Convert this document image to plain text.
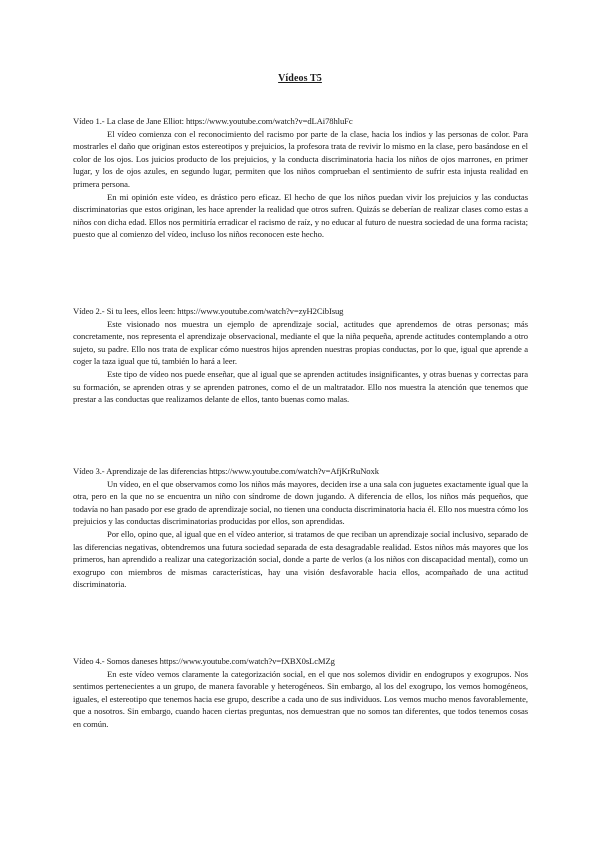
Vídeos T5

Vídeo 1.- La clase de Jane Elliot: https://www.youtube.com/watch?v=dLAi78hluFc

El vídeo comienza con el reconocimiento del racismo por parte de la clase, hacia los indios y las personas de color. Para mostrarles el daño que originan estos estereotipos y prejuicios, la profesora trata de revivir lo mismo en la clase, pero basándose en el color de los ojos. Los juicios producto de los prejuicios, y la conducta discriminatoria hacia los niños de ojos marrones, en primer lugar, y los de ojos azules, en segundo lugar, permiten que los niños comprueban el sentimiento de sufrir esta injusta realidad en primera persona.

En mi opinión este vídeo, es drástico pero eficaz. El hecho de que los niños puedan vivir los prejuicios y las conductas discriminatorias que estos originan, les hace aprender la realidad que otros sufren. Quizás se deberían de realizar clases como estas a niños con dicha edad. Ellos nos permitiría erradicar el racismo de raíz, y no educar al futuro de nuestra sociedad de una forma racista; puesto que al comienzo del vídeo, incluso los niños reconocen este hecho.

Vídeo 2.- Si tu lees, ellos leen: https://www.youtube.com/watch?v=zyH2CibIsug

Este visionado nos muestra un ejemplo de aprendizaje social, actitudes que aprendemos de otras personas; más concretamente, nos representa el aprendizaje observacional, mediante el que la niña pequeña, aprende actitudes contemplando a otro sujeto, su padre. Ello nos trata de explicar cómo nuestros hijos aprenden nuestras propias conductas, por lo que, igual que aprende a coger la taza igual que tú, también lo hará a leer.

Este tipo de vídeo nos puede enseñar, que al igual que se aprenden actitudes insignificantes, y otras buenas y correctas para su formación, se aprenden otras y se aprenden patrones, como el de un maltratador. Ello nos muestra la atención que tenemos que prestar a las conductas que realizamos delante de ellos, tanto buenas como malas.

Vídeo 3.- Aprendizaje de las diferencias https://www.youtube.com/watch?v=AfjKrRuNoxk

Un vídeo, en el que observamos como los niños más mayores, deciden irse a una sala con juguetes exactamente igual que la otra, pero en la que no se encuentra un niño con síndrome de down jugando. A diferencia de ellos, los niños más pequeños, que todavía no han pasado por ese grado de aprendizaje social, no tienen una conducta discriminatoria hacia él. Ello nos muestra cómo los prejuicios y las conductas discriminatorias producidas por ellos, son aprendidas.

Por ello, opino que, al igual que en el vídeo anterior, si tratamos de que reciban un aprendizaje social inclusivo, separado de las diferencias negativas, obtendremos una futura sociedad separada de esta desagradable realidad. Estos niños más mayores que los primeros, han aprendido a realizar una categorización social, donde a parte de verlos (a los niños con discapacidad mental), como un exogrupo con miembros de mismas características, hay una visión desfavorable hacia ellos, acompañado de una actitud discriminatoria.

Vídeo 4.- Somos daneses https://www.youtube.com/watch?v=fXBX0sLcMZg

En este vídeo vemos claramente la categorización social, en el que nos solemos dividir en endogrupos y exogrupos. Nos sentimos pertenecientes a un grupo, de manera favorable y heterogéneos. Sin embargo, al los del exogrupo, los vemos homogéneos, iguales, el estereotipo que tenemos hacia ese grupo, describe a cada uno de sus individuos. Los vemos mucho menos favorablemente, que a nosotros. Sin embargo, cuando hacen ciertas preguntas, nos demuestran que no somos tan diferentes, que todos tenemos cosas en común.
